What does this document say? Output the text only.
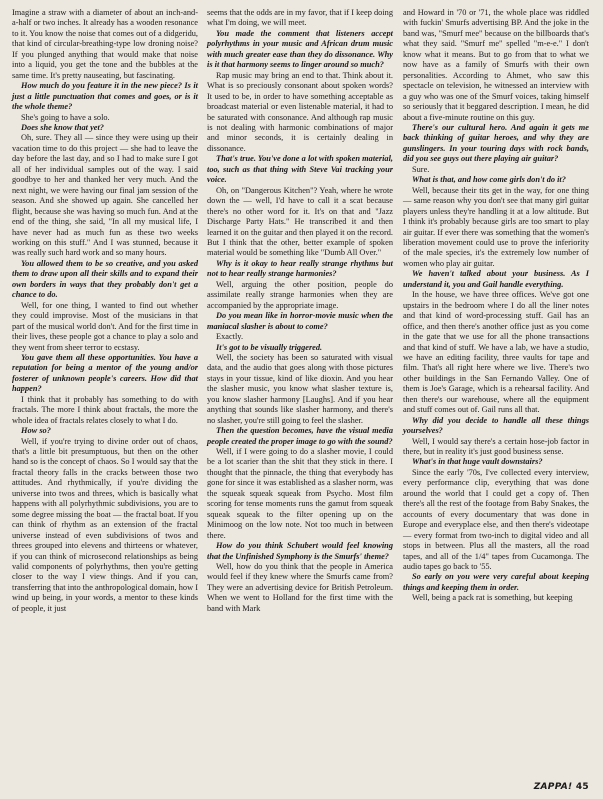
Imagine a straw with a diameter of about an inch-and-a-half or two inches. It already has a wooden resonance to it. You know the noise that comes out of a didgeridu, that kind of circular-breathing-type low droning noise? If you plunged anything that would make that noise into a liquid, you get the tone and the bubbles at the same time. It's pretty nauseating, but fascinating.

How much do you feature it in the new piece? Is it just a little punctuation that comes and goes, or is it the whole theme?

She's going to have a solo.

Does she know that yet?

Oh, sure. They all — since they were using up their vacation time to do this project — she had to leave the day before the last day, and so I had to make sure I got all of her individual samples out of the way. I said goodbye to her and thanked her very much. And the next night, we were having our final jam session of the season. And she showed up again. She cancelled her flight, because she was having so much fun. And at the end of the thing, she said, "In all my musical life, I have never had as much fun as these two weeks working on this stuff." And I was stunned, because it was really such hard work and so many hours.

You allowed them to be so creative, and you asked them to draw upon all their skills and to expand their own borders in ways that they probably don't get a chance to do.

Well, for one thing, I wanted to find out whether they could improvise. Most of the musicians in that part of the musical world don't. And for the first time in their lives, these people got a chance to play a solo and they went from sheer terror to ecstasy.

You gave them all these opportunities. You have a reputation for being a mentor of the young and/or fosterer of unknown people's careers. How did that happen?

I think that it probably has something to do with fractals. The more I think about fractals, the more the whole idea of fractals relates closely to what I do.

How so?

Well, if you're trying to divine order out of chaos, that's a little bit presumptuous, but then on the other hand so is the concept of chaos. So I would say that the fractal theory falls in the cracks between those two attitudes. And rhythmically, if you're dividing the universe into twos and threes, which is basically what happens with all polyrhythmic subdivisions, you are to some degree missing the boat — the fractal boat. If you can think of rhythm as an extension of the fractal universe instead of even subdivisions of twos and threes grouped into elevens and thirteens or whatever, if you can think of microsecond relationships as being valid components of polyrhythms, then you're getting closer to the way I view things. And if you can, transferring that into the anthropological domain, how I wind up being, in your words, a mentor to these kinds of people, it just

seems that the odds are in my favor, that if I keep doing what I'm doing, we will meet.

You made the comment that listeners accept polyrhythms in your music and African drum music with much greater ease than they do dissonance. Why is it that harmony seems to linger around so much?

Rap music may bring an end to that. Think about it. What is so preciously consonant about spoken words? It used to be, in order to have something acceptable as broadcast material or even listenable material, it had to be saturated with consonance. And although rap music is not dealing with harmonic combinations of major and minor seconds, it is certainly dealing in dissonance.

That's true. You've done a lot with spoken material, too, such as that thing with Steve Vai tracking your voice.

Oh, on "Dangerous Kitchen"? Yeah, where he wrote down the — well, I'd have to call it a scat because there's no other word for it. It's on that and "Jazz Discharge Party Hats." He transcribed it and then learned it on the guitar and then played it on the record. But I think that the other, better example of spoken material would be something like "Dumb All Over."

Why is it okay to hear really strange rhythms but not to hear really strange harmonies?

Well, arguing the other position, people do assimilate really strange harmonies when they are accompanied by the appropriate image.

Do you mean like in horror-movie music when the maniacal slasher is about to come?

Exactly.

It's got to be visually triggered.

Well, the society has been so saturated with visual data, and the audio that goes along with those pictures stays in your tissue, kind of like dioxin. And you hear the slasher music, you know what slasher texture is, you know slasher harmony [Laughs]. And if you hear anything that sounds like slasher harmony, and there's no slasher, you're still going to feel the slasher.

Then the question becomes, have the visual media people created the proper image to go with the sound?

Well, if I were going to do a slasher movie, I could be a lot scarier than the shit that they stick in there. I thought that the pinnacle, the thing that everybody has gone for since it was established as a slasher norm, was the squeak squeak squeak from Psycho. Most film scoring for tense moments runs the gamut from squeak squeak squeak to the filter opening up on the Minimoog on the low note. Not too much in between there.

How do you think Schubert would feel knowing that the Unfinished Symphony is the Smurfs' theme?

Well, how do you think that the people in America would feel if they knew where the Smurfs came from? They were an advertising device for British Petroleum. When we went to Holland for the first time with the band with Mark

and Howard in '70 or '71, the whole place was riddled with fuckin' Smurfs advertising BP. And the joke in the band was, "Smurf mee" because on the billboards that's what they said. "Smurf me" spelled "m-e-e." I don't know what it means. But to go from that to what we now have as a family of Smurfs with their own personalities. According to Ahmet, who saw this spectacle on television, he witnessed an interview with a guy who was one of the Smurf voices, taking himself so seriously that it beggared description. I mean, he did about a five-minute routine on this guy.

There's our cultural hero. And again it gets me back thinking of guitar heroes, and why they are gunslingers. In your touring days with rock bands, did you see guys out there playing air guitar?

Sure.

What is that, and how come girls don't do it?

Well, because their tits get in the way, for one thing — same reason why you don't see that many girl guitar players unless they're handling it at a low altitude. But I think it's probably because girls are too smart to play air guitar. If ever there was something that the women's liberation movement could use to prove the inferiority of the male species, it's the extremely low number of women who play air guitar.

We haven't talked about your business. As I understand it, you and Gail handle everything.

In the house, we have three offices. We've got one upstairs in the bedroom where I do all the liner notes and that kind of word-processing stuff. Gail has an office, and then there's another office just as you come in the gate that we use for all the phone transactions and that kind of stuff. We have a lab, we have a studio, we have an editing facility, three vaults for tape and film. That's all right here where we live. There's two other buildings in the San Fernando Valley. One of them is Joe's Garage, which is a rehearsal facility. And then there's our warehouse, where all the equipment and stuff comes out of. Gail runs all that.

Why did you decide to handle all these things yourselves?

Well, I would say there's a certain hose-job factor in there, but in reality it's just good business sense.

What's in that huge vault downstairs?

Since the early '70s, I've collected every interview, every performance clip, everything that was done around the world that I could get a copy of. Then there's all the rest of the footage from Baby Snakes, the accounts of every documentary that was done in Europe and everyplace else, and then there's videotape — every format from two-inch to digital video and all stops in between. Plus all the masters, all the road tapes, and all of the 1/4" tapes from Cucamonga. The audio tapes go back to '55.

So early on you were very careful about keeping things and keeping them in order.

Well, being a pack rat is something, but keeping

ZAPPA! 45
